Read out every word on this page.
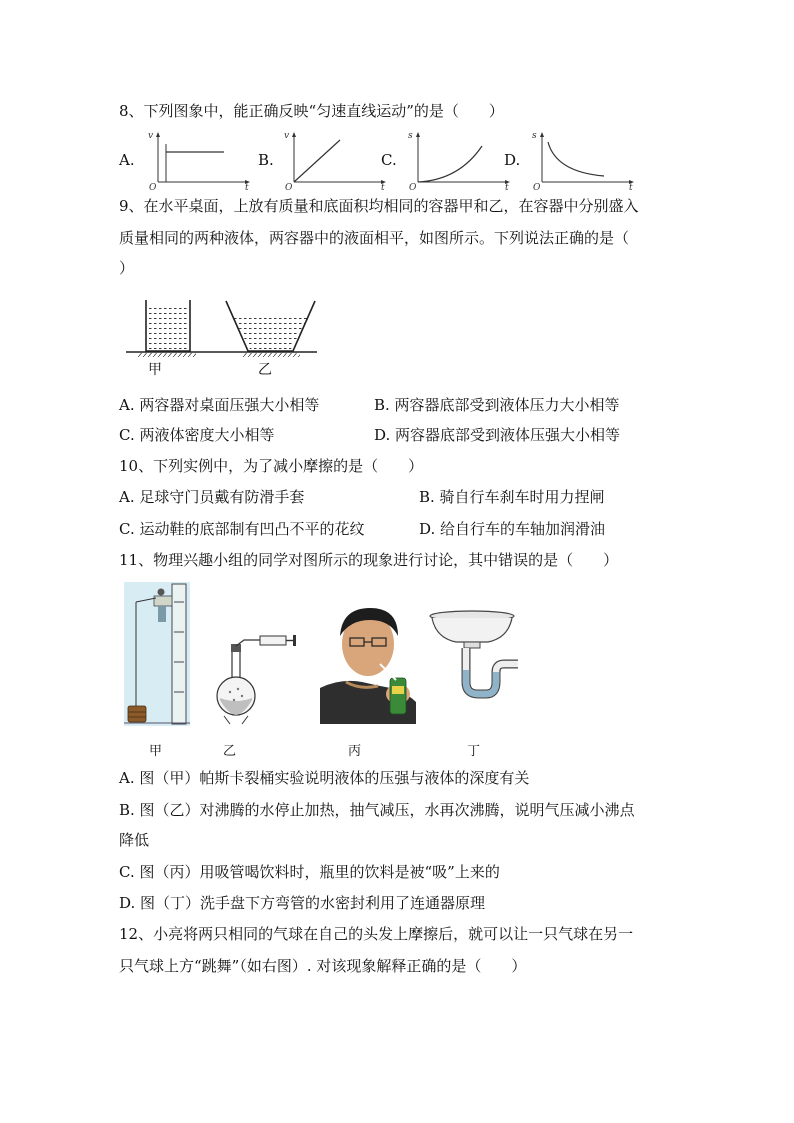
8、下列图象中，能正确反映“匀速直线运动”的是（　　）
A.
v
t
O
B.
v
t
O
C.
s
t
O
D.
s
t
O
9、在水平桌面，上放有质量和底面积均相同的容器甲和乙，在容器中分别盛入
质量相同的两种液体，两容器中的液面相平，如图所示。下列说法正确的是（
）
甲	乙
A. 两容器对桌面压强大小相等	B. 两容器底部受到液体压力大小相等
C. 两液体密度大小相等	D. 两容器底部受到液体压强大小相等
10、下列实例中，为了减小摩擦的是（　　）
A. 足球守门员戴有防滑手套	B. 骑自行车刹车时用力捏闸
C. 运动鞋的底部制有凹凸不平的花纹	D. 给自行车的车轴加润滑油
11、物理兴趣小组的同学对图所示的现象进行讨论，其中错误的是（　　）
甲	乙	丙	丁
A. 图（甲）帕斯卡裂桶实验说明液体的压强与液体的深度有关
B. 图（乙）对沸腾的水停止加热，抽气减压，水再次沸腾，说明气压减小沸点
降低
C. 图（丙）用吸管喝饮料时，瓶里的饮料是被“吸”上来的
D. 图（丁）洗手盘下方弯管的水密封利用了连通器原理
12、小亮将两只相同的气球在自己的头发上摩擦后，就可以让一只气球在另一
只气球上方“跳舞”（如右图）. 对该现象解释正确的是（　　）
